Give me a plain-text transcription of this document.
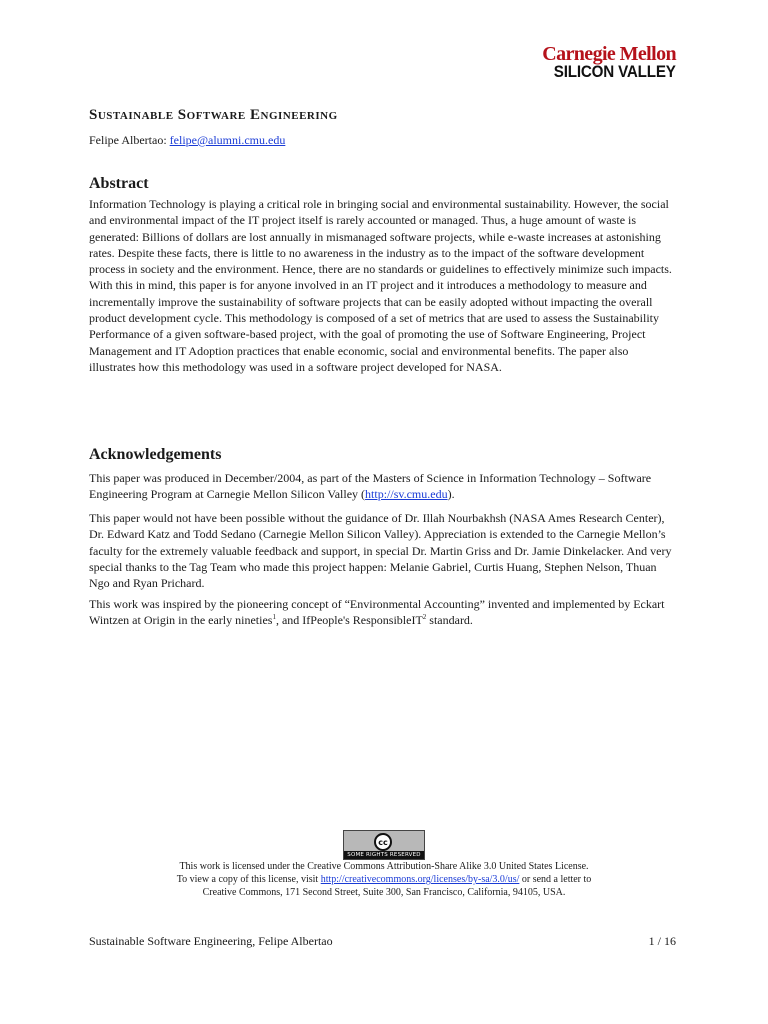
Carnegie Mellon
SILICON VALLEY
Sustainable Software Engineering
Felipe Albertao: felipe@alumni.cmu.edu
Abstract

Information Technology is playing a critical role in bringing social and environmental sustainability. However, the social and environmental impact of the IT project itself is rarely accounted or managed. Thus, a huge amount of waste is generated: Billions of dollars are lost annually in mismanaged software projects, while e-waste increases at astonishing rates. Despite these facts, there is little to no awareness in the industry as to the impact of the software development process in society and the environment. Hence, there are no standards or guidelines to effectively minimize such impacts. With this in mind, this paper is for anyone involved in an IT project and it introduces a methodology to measure and incrementally improve the sustainability of software projects that can be easily adopted without impacting the overall product development cycle. This methodology is composed of a set of metrics that are used to assess the Sustainability Performance of a given software-based project, with the goal of promoting the use of Software Engineering, Project Management and IT Adoption practices that enable economic, social and environmental benefits. The paper also illustrates how this methodology was used in a software project developed for NASA.

Acknowledgements

This paper was produced in December/2004, as part of the Masters of Science in Information Technology – Software Engineering Program at Carnegie Mellon Silicon Valley (http://sv.cmu.edu).

This paper would not have been possible without the guidance of Dr. Illah Nourbakhsh (NASA Ames Research Center), Dr. Edward Katz and Todd Sedano (Carnegie Mellon Silicon Valley). Appreciation is extended to the Carnegie Mellon’s faculty for the extremely valuable feedback and support, in special Dr. Martin Griss and Dr. Jamie Dinkelacker. And very special thanks to the Tag Team who made this project happen: Melanie Gabriel, Curtis Huang, Stephen Nelson, Thuan Ngo and Ryan Prichard.

This work was inspired by the pioneering concept of “Environmental Accounting” invented and implemented by Eckart Wintzen at Origin in the early nineties$^1$, and IfPeople's ResponsibleIT$^2$ standard.

cc
SOME RIGHTS RESERVED
This work is licensed under the Creative Commons Attribution-Share Alike 3.0 United States License.
To view a copy of this license, visit http://creativecommons.org/licenses/by-sa/3.0/us/ or send a letter to
Creative Commons, 171 Second Street, Suite 300, San Francisco, California, 94105, USA.
Sustainable Software Engineering, Felipe Albertao	1 / 16
